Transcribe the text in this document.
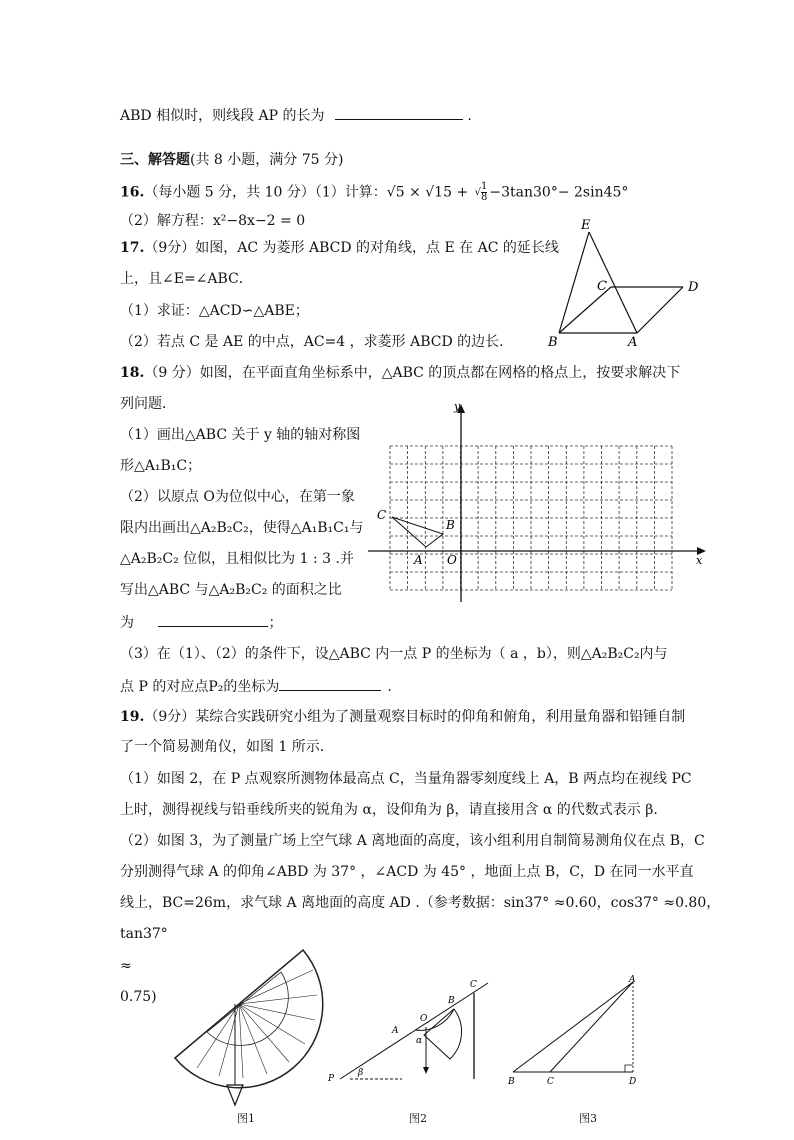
ABD 相似时，则线段 AP 的长为	.
三、解答题(共 8 小题，满分 75 分)
16.（每小题 5 分，共 10 分）（1）计算：√5 × √15 + √ $\frac{1}{8} -3\tan 30^\circ- 2\sin 45^\circ$
（2）解方程：x²−8x−2 = 0
17.（9分）如图，AC 为菱形 ABCD 的对角线，点 E 在 AC 的延长线
上，且∠E=∠ABC．
（1）求证：△ACD∽△ABE；
（2）若点 C 是 AE 的中点，AC=4 ，求菱形 ABCD 的边长.
18.（9 分）如图，在平面直角坐标系中，△ABC 的顶点都在网格的格点上，按要求解决下
列问题．
（1）画出△ABC 关于 y 轴的轴对称图
形△A₁B₁C；
（2）以原点 O为位似中心，在第一象
限内出画出△A₂B₂C₂，使得△A₁B₁C₁与
△A₂B₂C₂ 位似，且相似比为 1 : 3 .并
写出△ABC 与△A₂B₂C₂ 的面积之比
为	；
（3）在（1）、（2）的条件下，设△ABC 内一点 P 的坐标为（ a ，b），则△A₂B₂C₂内与
点 P 的对应点P₂的坐标为	.
19.（9分）某综合实践研究小组为了测量观察目标时的仰角和俯角，利用量角器和铅锤自制
了一个简易测角仪，如图 1 所示．
（1）如图 2，在 P 点观察所测物体最高点 C，当量角器零刻度线上 A，B 两点均在视线 PC
上时，测得视线与铅垂线所夹的锐角为 α，设仰角为 β，请直接用含 α 的代数式表示 β．
（2）如图 3，为了测量广场上空气球 A 离地面的高度，该小组利用自制简易测角仪在点 B，C
分别测得气球 A 的仰角∠ABD 为 37° ，∠ACD 为 45° ，地面上点 B，C，D 在同一水平直
线上，BC=26m，求气球 A 离地面的高度 AD .（参考数据：sin37° ≈0.60，cos37° ≈0.80，
tan37°
≈
0.75)
E
C	D
B	A
y
x
C
B
A O
图1
C
B
O
A
α
P
β
图2
A
B	C	D
图3
